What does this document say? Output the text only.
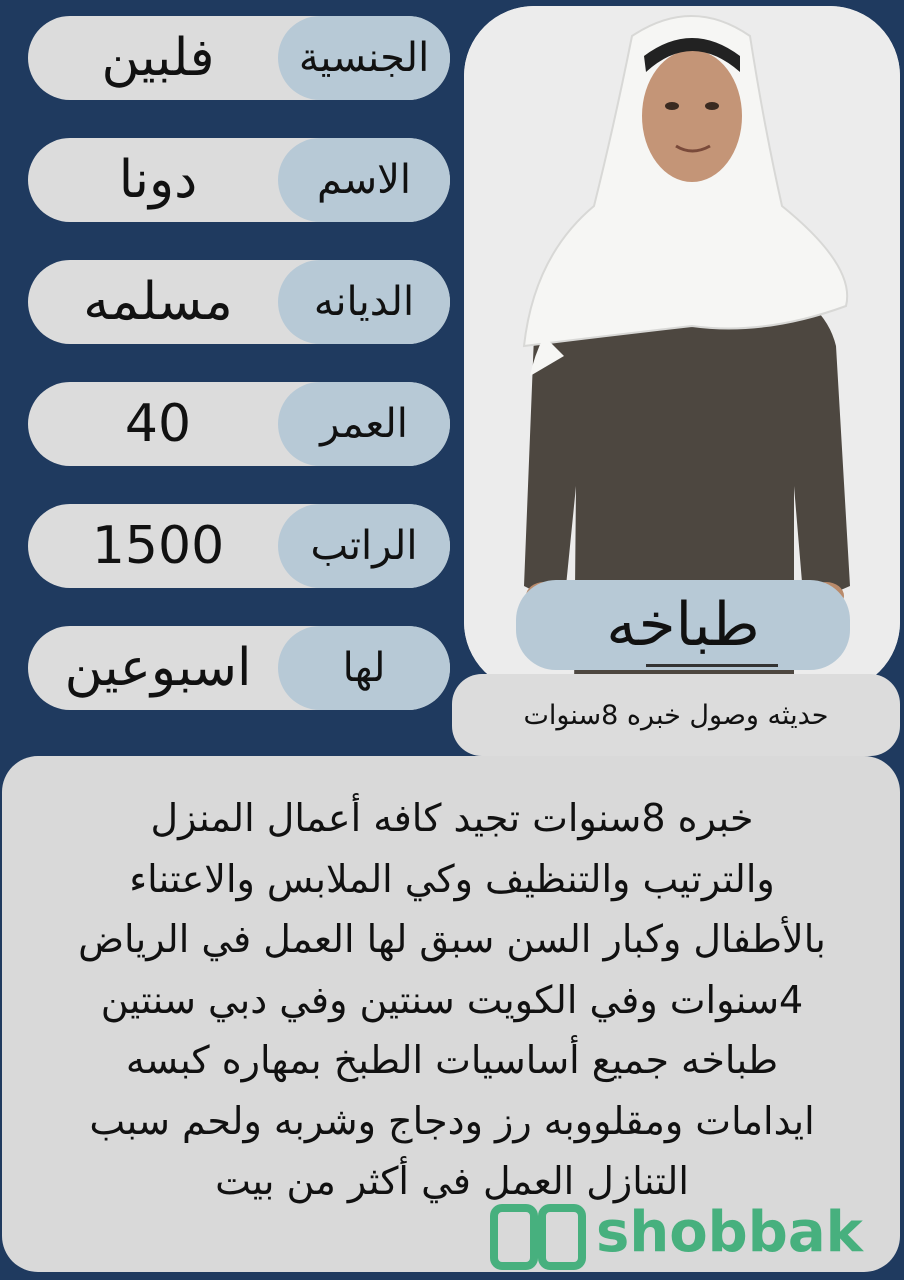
فلبين	الجنسية
دونا	الاسم
مسلمه	الديانه
40	العمر
1500	الراتب
اسبوعين	لها
طباخه
حديثه وصول خبره 8سنوات
خبره 8سنوات تجيد كافه أعمال المنزل
والترتيب والتنظيف وكي الملابس والاعتناء
بالأطفال وكبار السن سبق لها العمل في الرياض
4سنوات وفي الكويت سنتين وفي دبي سنتين
طباخه جميع أساسيات الطبخ بمهاره كبسه
ايدامات ومقلووبه رز ودجاج وشربه ولحم سبب
التنازل العمل في أكثر من بيت
shobbak
